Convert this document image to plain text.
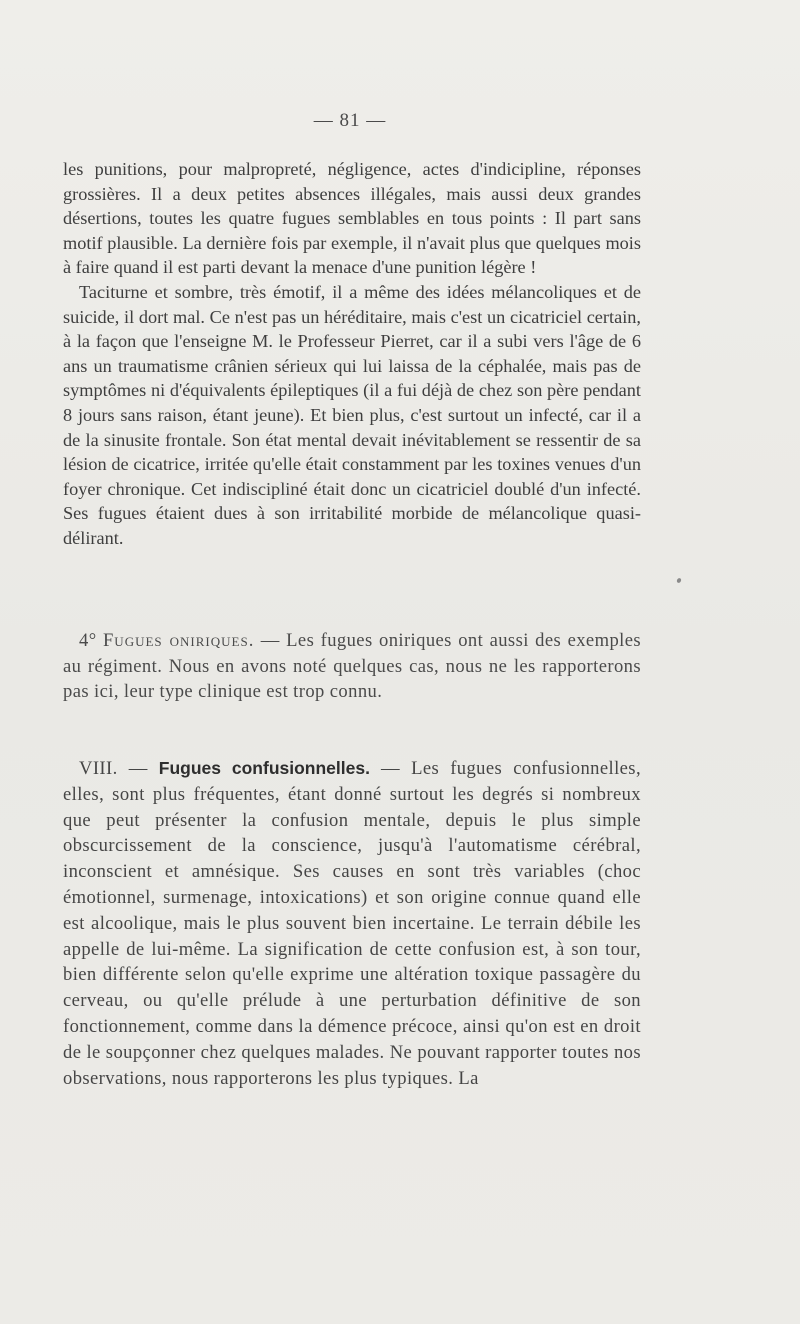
— 81 —

les punitions, pour malpropreté, négligence, actes d'indicipline, réponses grossières. Il a deux petites absences illégales, mais aussi deux grandes désertions, toutes les quatre fugues semblables en tous points : Il part sans motif plausible. La dernière fois par exemple, il n'avait plus que quelques mois à faire quand il est parti devant la menace d'une punition légère !

Taciturne et sombre, très émotif, il a même des idées mélancoliques et de suicide, il dort mal. Ce n'est pas un héréditaire, mais c'est un cicatriciel certain, à la façon que l'enseigne M. le Professeur Pierret, car il a subi vers l'âge de 6 ans un traumatisme crânien sérieux qui lui laissa de la céphalée, mais pas de symptômes ni d'équivalents épileptiques (il a fui déjà de chez son père pendant 8 jours sans raison, étant jeune). Et bien plus, c'est surtout un infecté, car il a de la sinusite frontale. Son état mental devait inévitablement se ressentir de sa lésion de cicatrice, irritée qu'elle était constamment par les toxines venues d'un foyer chronique. Cet indiscipliné était donc un cicatriciel doublé d'un infecté. Ses fugues étaient dues à son irritabilité morbide de mélancolique quasi-délirant.

4° Fugues oniriques. — Les fugues oniriques ont aussi des exemples au régiment. Nous en avons noté quelques cas, nous ne les rapporterons pas ici, leur type clinique est trop connu.

VIII. — Fugues confusionnelles. — Les fugues confusionnelles, elles, sont plus fréquentes, étant donné surtout les degrés si nombreux que peut présenter la confusion mentale, depuis le plus simple obscurcissement de la conscience, jusqu'à l'automatisme cérébral, inconscient et amnésique. Ses causes en sont très variables (choc émotionnel, surmenage, intoxications) et son origine connue quand elle est alcoolique, mais le plus souvent bien incertaine. Le terrain débile les appelle de lui-même. La signification de cette confusion est, à son tour, bien différente selon qu'elle exprime une altération toxique passagère du cerveau, ou qu'elle prélude à une perturbation définitive de son fonctionnement, comme dans la démence précoce, ainsi qu'on est en droit de le soupçonner chez quelques malades. Ne pouvant rapporter toutes nos observations, nous rapporterons les plus typiques. La
